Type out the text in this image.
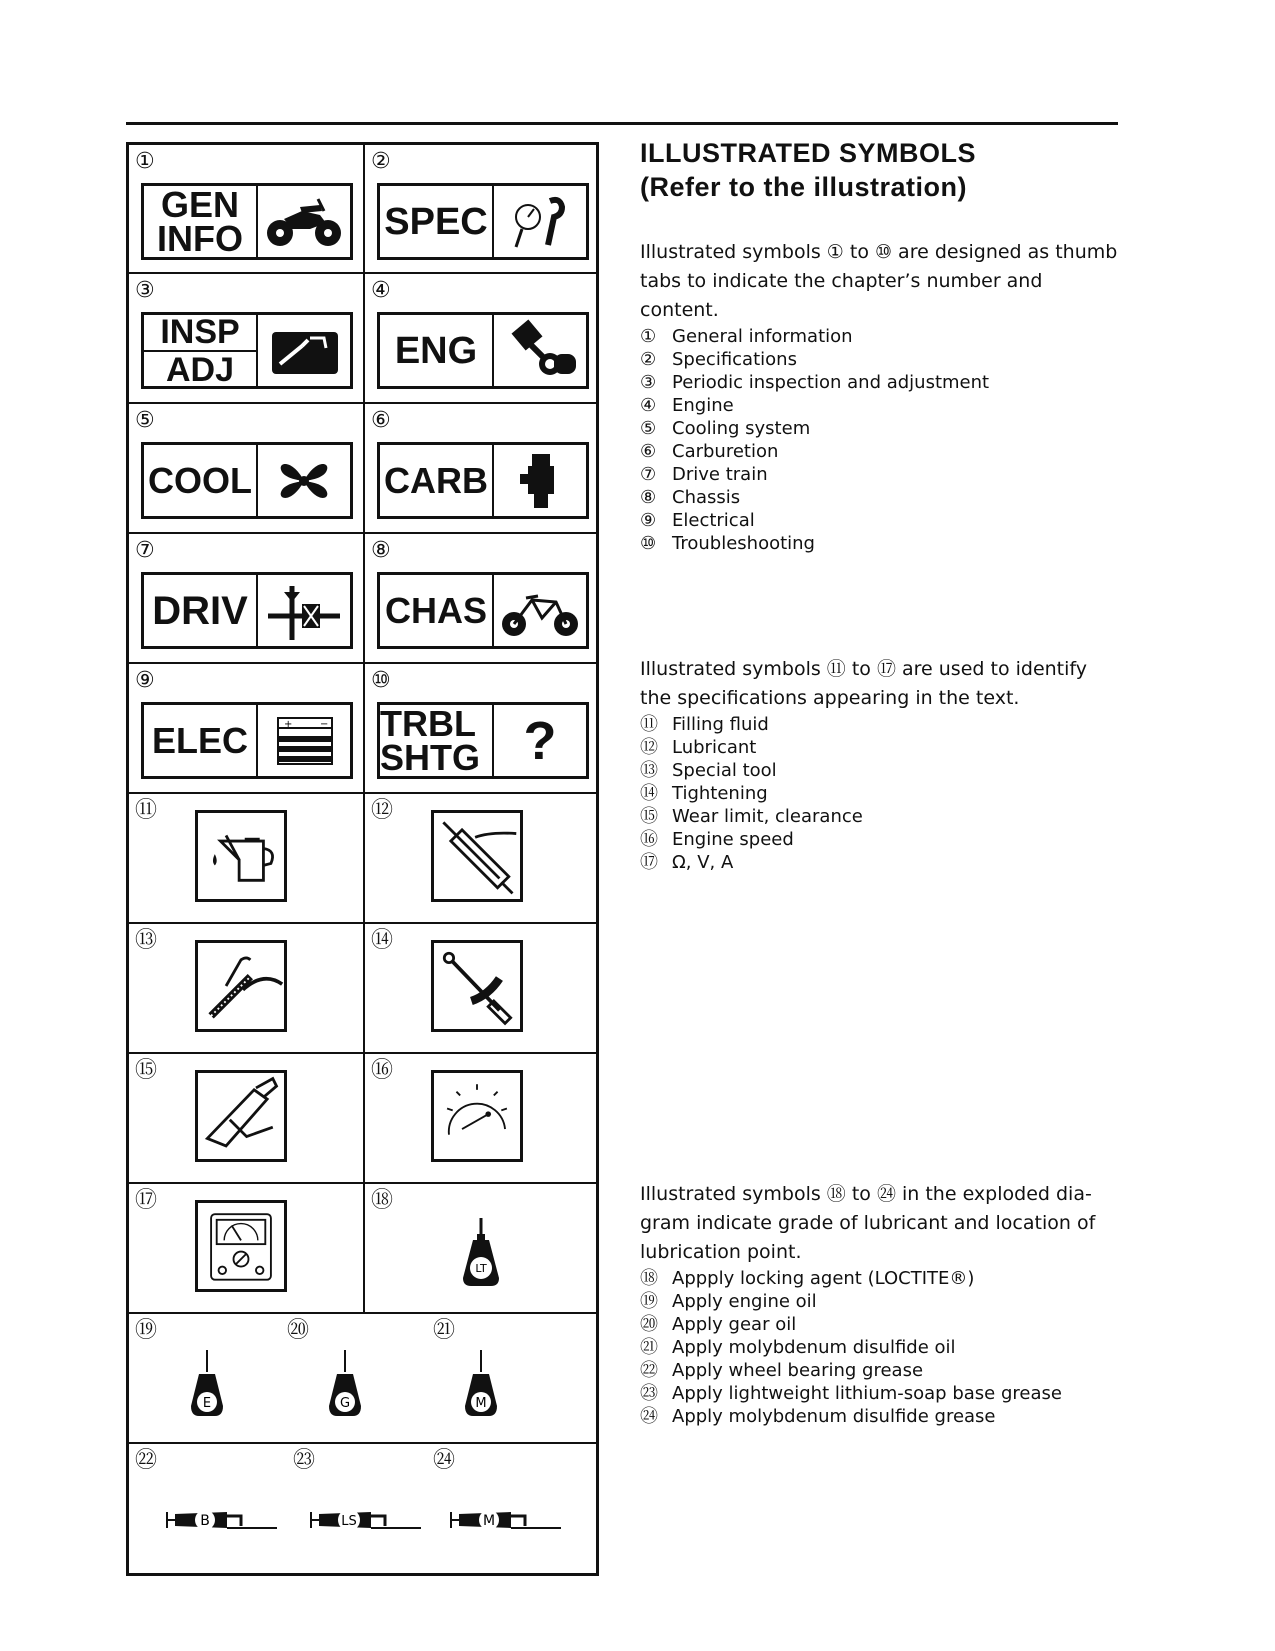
①
GEN
INFO
②
SPEC
③
INSP
ADJ
④
ENG
⑤
COOL
⑥
CARB
⑦
DRIV
⑧
CHAS
⑨
ELEC	+	−
⑩
TRBL
SHTG ?
⑪	⑫
⑬	⑭
⑮	⑯
⑰	⑱
LT
⑲	⑳	㉑
E	G	M
㉒	㉓	㉔
B	LS	M
ILLUSTRATED SYMBOLS
(Refer to the illustration)
Illustrated symbols ① to ⑩ are designed as thumb tabs to indicate the chapter’s number and content.
① General information
② Specifications
③ Periodic inspection and adjustment
④ Engine
⑤ Cooling system
⑥ Carburetion
⑦ Drive train
⑧ Chassis
⑨ Electrical
⑩ Troubleshooting
Illustrated symbols ⑪ to ⑰ are used to identify the specifications appearing in the text.
⑪ Filling fluid
⑫ Lubricant
⑬ Special tool
⑭ Tightening
⑮ Wear limit, clearance
⑯ Engine speed
⑰ Ω, V, A
Illustrated symbols ⑱ to ㉔ in the exploded dia-gram indicate grade of lubricant and location of lubrication point.
⑱ Appply locking agent (LOCTITE®)
⑲ Apply engine oil
⑳ Apply gear oil
㉑ Apply molybdenum disulfide oil
㉒ Apply wheel bearing grease
㉓ Apply lightweight lithium-soap base grease
㉔ Apply molybdenum disulfide grease
